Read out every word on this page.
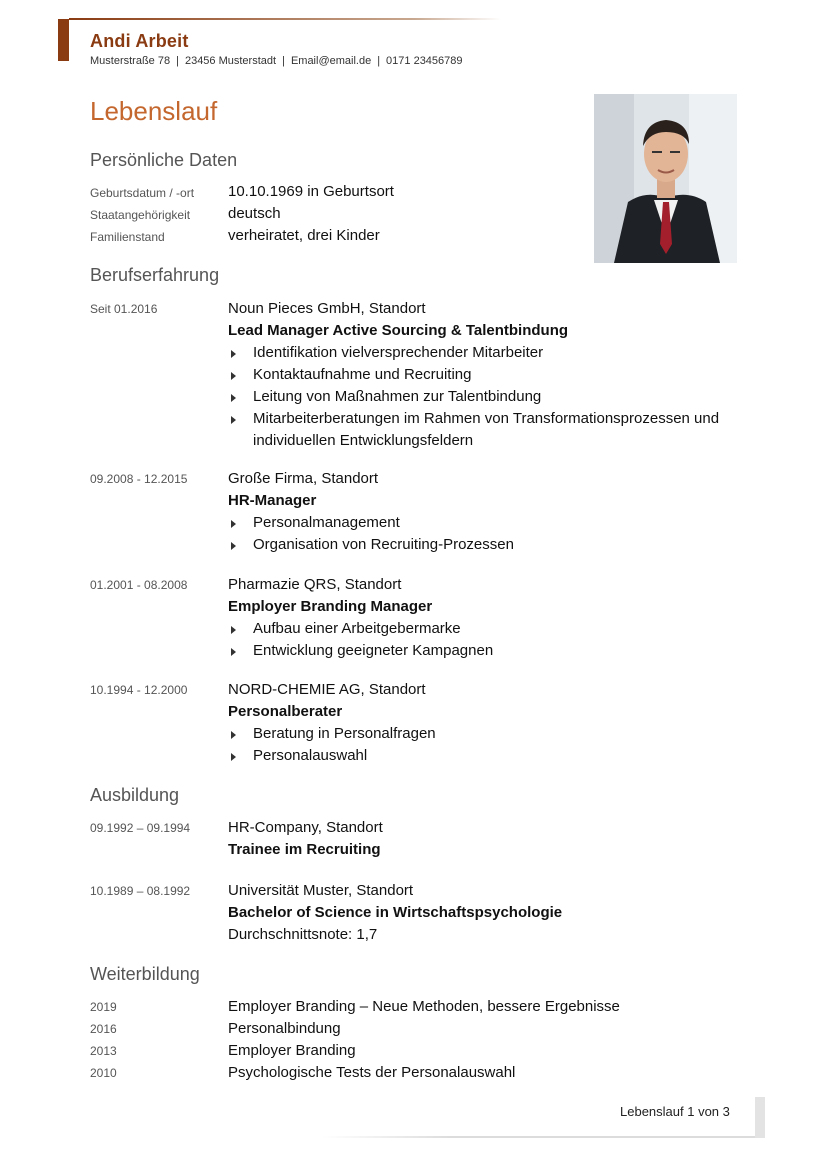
Andi Arbeit
Musterstraße 78 | 23456 Musterstadt | Email@email.de | 0171 23456789
Lebenslauf
Persönliche Daten
Geburtsdatum / -ort 10.10.1969 in Geburtsort
Staatangehörigkeit	deutsch
Familienstand	verheiratet, drei Kinder
Berufserfahrung
Seit 01.2016	Noun Pieces GmbH, Standort
Lead Manager Active Sourcing & Talentbindung
Identifikation vielversprechender Mitarbeiter
Kontaktaufnahme und Recruiting
Leitung von Maßnahmen zur Talentbindung
Mitarbeiterberatungen im Rahmen von Transformationsprozessen und
individuellen Entwicklungsfeldern
09.2008 - 12.2015	Große Firma, Standort
HR-Manager
Personalmanagement
Organisation von Recruiting-Prozessen
01.2001 - 08.2008	Pharmazie QRS, Standort
Employer Branding Manager
Aufbau einer Arbeitgebermarke
Entwicklung geeigneter Kampagnen
10.1994 - 12.2000	NORD-CHEMIE AG, Standort
Personalberater
Beratung in Personalfragen
Personalauswahl
Ausbildung
09.1992 – 09.1994	HR-Company, Standort
Trainee im Recruiting
10.1989 – 08.1992	Universität Muster, Standort
Bachelor of Science in Wirtschaftspsychologie
Durchschnittsnote: 1,7
Weiterbildung
2019	Employer Branding – Neue Methoden, bessere Ergebnisse
2016	Personalbindung
2013	Employer Branding
2010	Psychologische Tests der Personalauswahl
Lebenslauf 1 von 3
